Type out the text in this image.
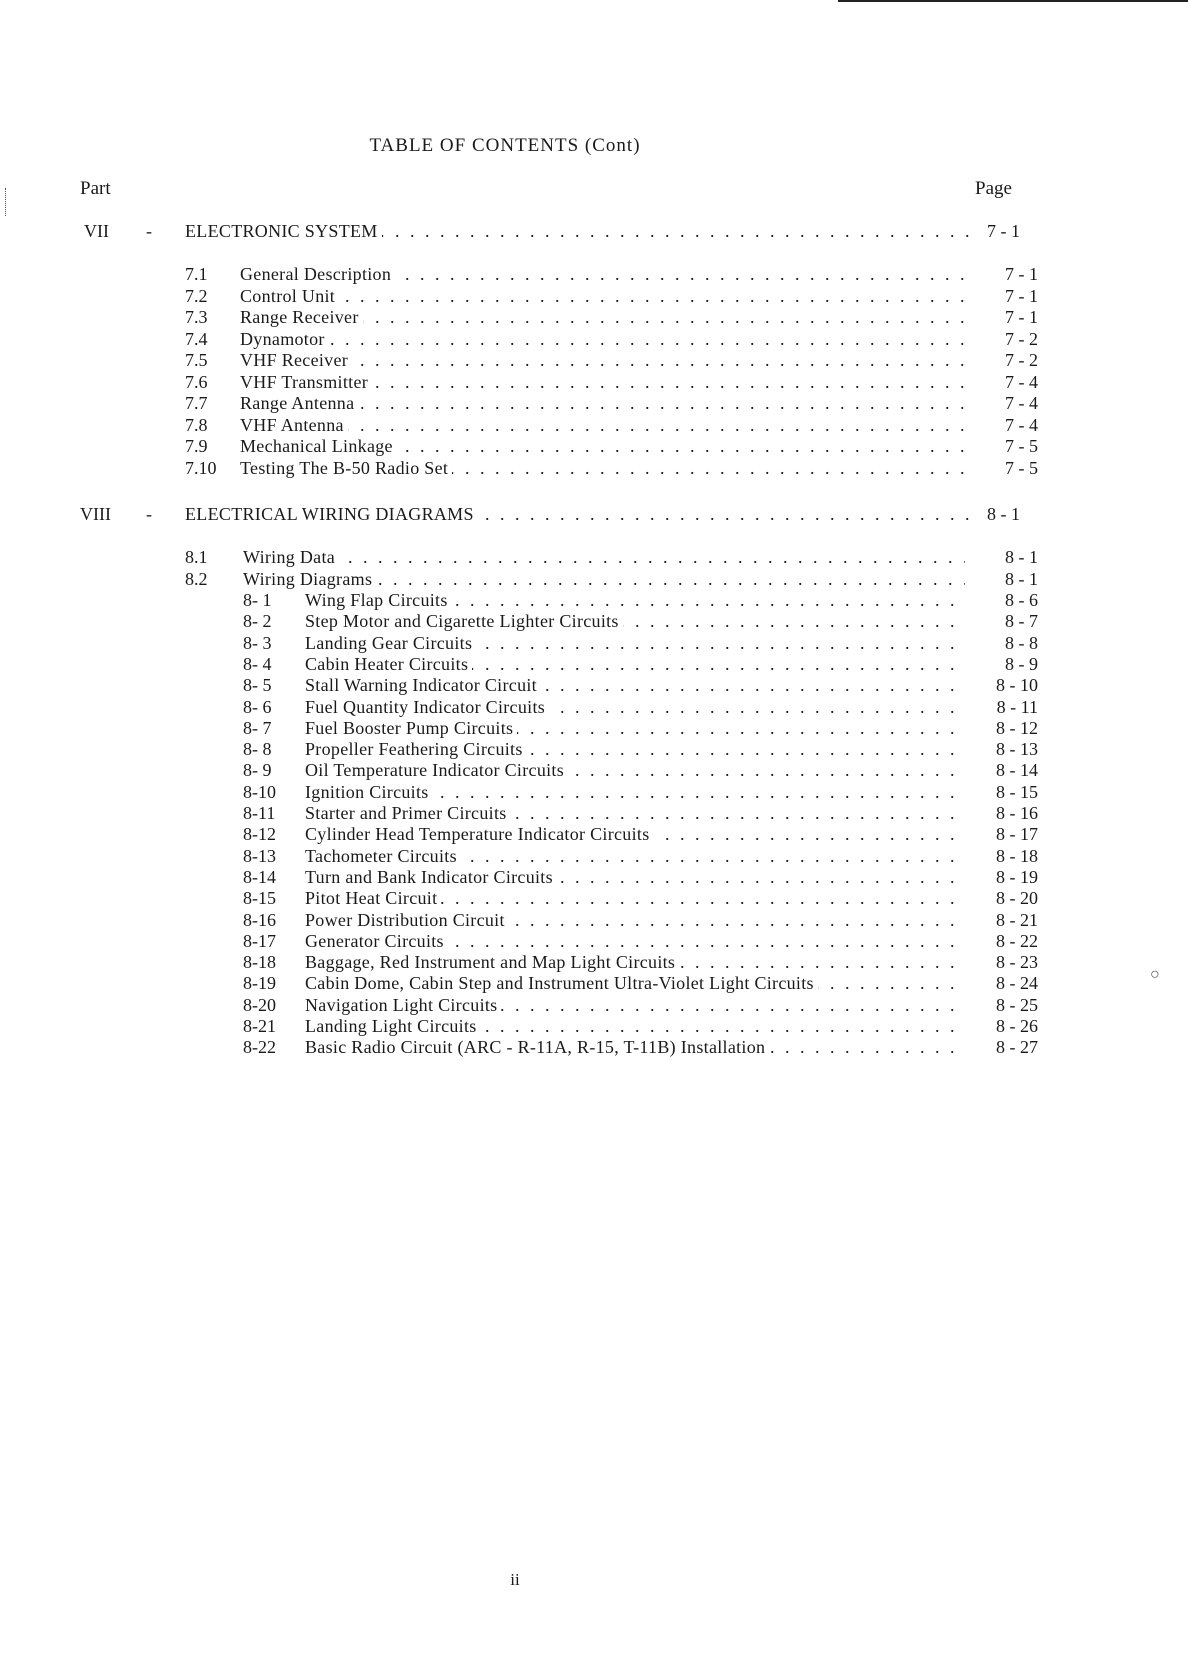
○
TABLE OF CONTENTS (Cont)
Part	Page
VII - ELECTRONIC SYSTEM . . .	7 - 1
7.1 General Description . . .	7 - 1
7.2 Control Unit . . .	7 - 1
7.3 Range Receiver . . .	7 - 1
7.4 Dynamotor . . .	7 - 2
7.5 VHF Receiver . . .	7 - 2
7.6 VHF Transmitter . . .	7 - 4
7.7 Range Antenna . . .	7 - 4
7.8 VHF Antenna . . .	7 - 4
7.9 Mechanical Linkage . . .	7 - 5
7.10 Testing The B-50 Radio Set . . .	7 - 5
VIII - ELECTRICAL WIRING DIAGRAMS . . .	8 - 1
8.1 Wiring Data . . .	8 - 1
8.2 Wiring Diagrams . . .	8 - 1
8- 1 Wing Flap Circuits . . .	8 - 6
8- 2 Step Motor and Cigarette Lighter Circuits . . .	8 - 7
8- 3 Landing Gear Circuits . . .	8 - 8
8- 4 Cabin Heater Circuits . . .	8 - 9
8- 5 Stall Warning Indicator Circuit . . .	8 - 10
8- 6 Fuel Quantity Indicator Circuits . . .	8 - 11
8- 7 Fuel Booster Pump Circuits . . .	8 - 12
8- 8 Propeller Feathering Circuits . . .	8 - 13
8- 9 Oil Temperature Indicator Circuits . . .	8 - 14
8-10 Ignition Circuits . . .	8 - 15
8-11 Starter and Primer Circuits . . .	8 - 16
8-12 Cylinder Head Temperature Indicator Circuits . . .	8 - 17
8-13 Tachometer Circuits . . .	8 - 18
8-14 Turn and Bank Indicator Circuits . . .	8 - 19
8-15 Pitot Heat Circuit . . .	8 - 20
8-16 Power Distribution Circuit . . .	8 - 21
8-17 Generator Circuits . . .	8 - 22
8-18 Baggage, Red Instrument and Map Light Circuits . . .	8 - 23
8-19 Cabin Dome, Cabin Step and Instrument Ultra-Violet Light Circuits . . .	8 - 24
8-20 Navigation Light Circuits . . .	8 - 25
8-21 Landing Light Circuits . . .	8 - 26
8-22 Basic Radio Circuit (ARC - R-11A, R-15, T-11B) Installation . . .	8 - 27
ii
